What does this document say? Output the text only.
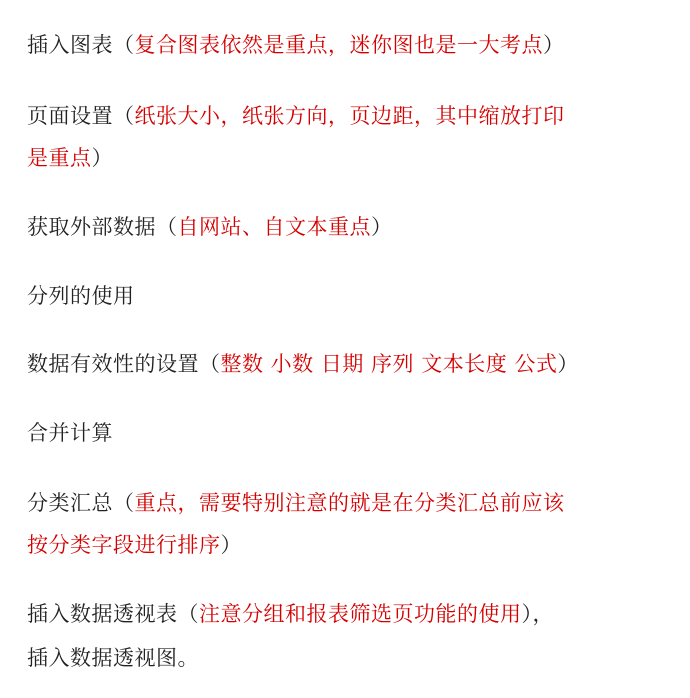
插入图表（复合图表依然是重点，迷你图也是一大考点）
页面设置（纸张大小，纸张方向，页边距，其中缩放打印
是重点）
获取外部数据（自网站、自文本重点）
分列的使用
数据有效性的设置（整数 小数 日期 序列 文本长度 公式）
合并计算
分类汇总（重点，需要特别注意的就是在分类汇总前应该
按分类字段进行排序）
插入数据透视表（注意分组和报表筛选页功能的使用），
插入数据透视图。
